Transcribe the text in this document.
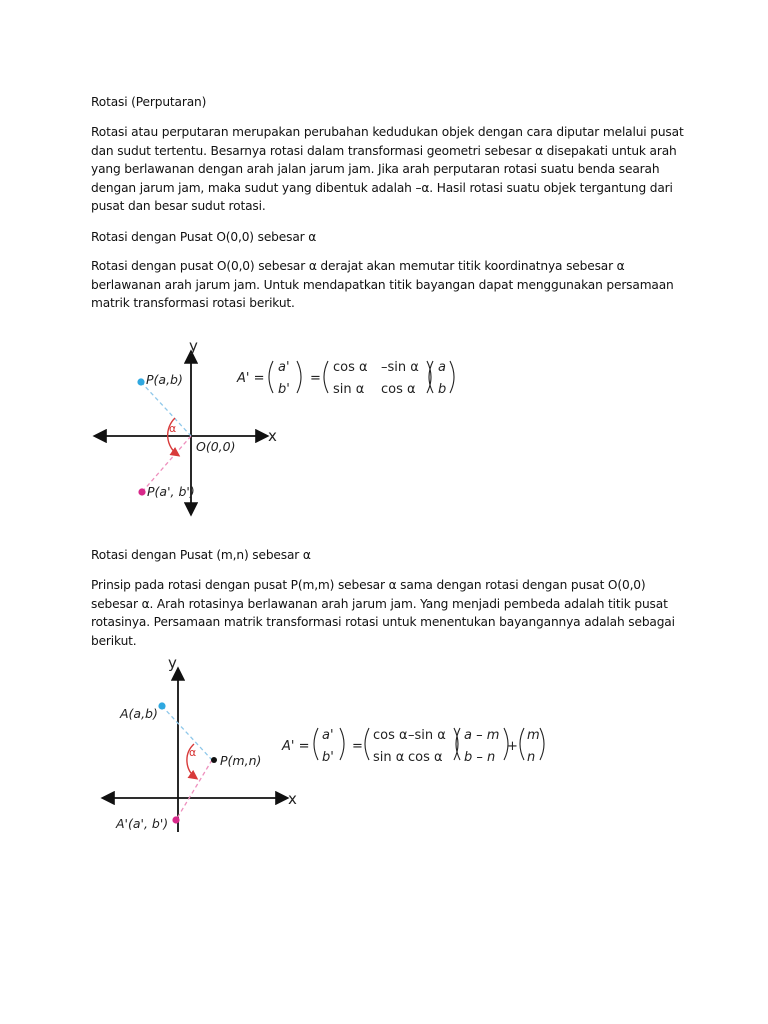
Rotasi (Perputaran)

Rotasi atau perputaran merupakan perubahan kedudukan objek dengan cara diputar melalui pusat dan sudut tertentu. Besarnya rotasi dalam transformasi geometri sebesar α disepakati untuk arah yang berlawanan dengan arah jalan jarum jam. Jika arah perputaran rotasi suatu benda searah dengan jarum jam, maka sudut yang dibentuk adalah –α. Hasil rotasi suatu objek tergantung dari pusat dan besar sudut rotasi.

Rotasi dengan Pusat O(0,0) sebesar α

Rotasi dengan pusat O(0,0) sebesar α derajat akan memutar titik koordinatnya sebesar α berlawanan arah jarum jam. Untuk mendapatkan titik bayangan dapat menggunakan persamaan matrik transformasi rotasi berikut.

y
x
P(a,b)
P(a', b')
O(0,0)
α
A' =
a'
b'
=
cos α –sin α
sin α cos α
a
b

Rotasi dengan Pusat (m,n) sebesar α

Prinsip pada rotasi dengan pusat P(m,m) sebesar α sama dengan rotasi dengan pusat O(0,0) sebesar α. Arah rotasinya berlawanan arah jarum jam. Yang menjadi pembeda adalah titik pusat rotasinya. Persamaan matrik transformasi rotasi untuk menentukan bayangannya adalah sebagai berikut.

y
x
A(a,b)
P(m,n)
A'(a', b')
α	A' =
a'
b'
=
cos α –sin α
sin α cos α
a – m
b – n
+
m
n
